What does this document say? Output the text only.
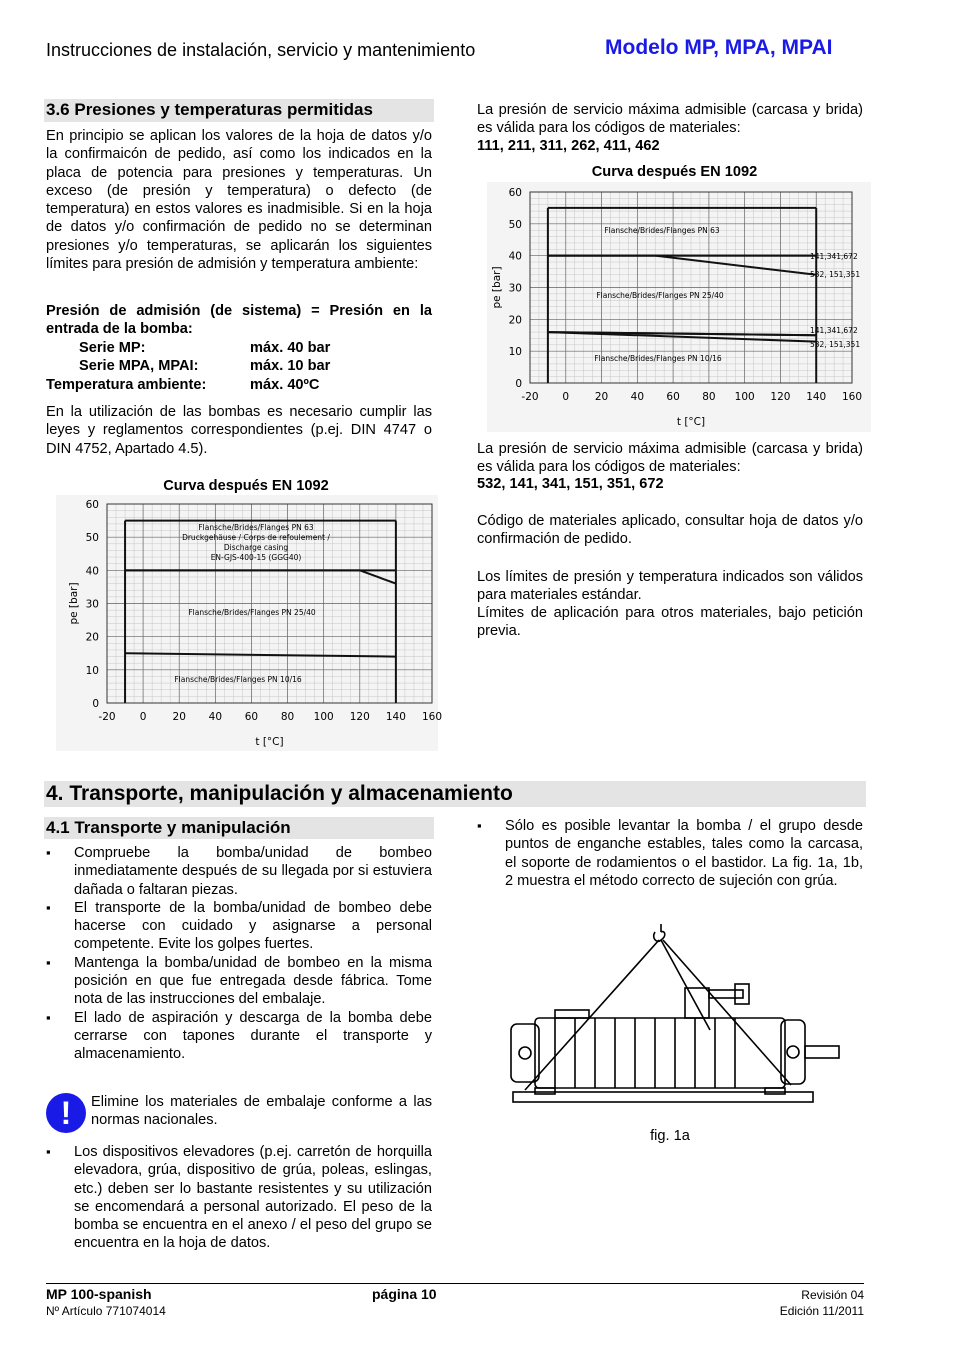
Instrucciones de instalación, servicio y mantenimiento	Modelo MP, MPA, MPAI
3.6 Presiones y temperaturas permitidas
En principio se aplican los valores de la hoja de datos y/o la confirmaicón de pedido, así como los indicados en la placa de potencia para presiones y temperaturas. Un exceso (de presión y temperatura) o defecto (de temperatura) en estos valores es inadmisible. Si en la hoja de datos y/o confirmación de pedido no se determinan presiones y/o temperaturas, se aplicarán los siguientes límites para presión de admisión y temperatura ambiente:
Presión de admisión (de sistema) = Presión en la entrada de la bomba:
Serie MP:	máx. 40 bar
Serie MPA, MPAI:	máx. 10 bar
Temperatura ambiente:	máx. 40ºC
En la utilización de las bombas es necesario cumplir las leyes y reglamentos correspondientes (p.ej. DIN 4747 o DIN 4752, Apartado 4.5).
Curva después EN 1092
-20 0 20 40 60 80 100 120 140 160
0
10
20
30
40
50
60
t [°C]
pe [bar]
Flansche/Brides/Flanges PN 63
Druckgehäuse / Corps de refoulement /
Discharge casing
EN-GJS-400-15 (GGG40)
Flansche/Brides/Flanges PN 25/40
Flansche/Brides/Flanges PN 10/16
La presión de servicio máxima admisible (carcasa y brida) es válida para los códigos de materiales:
111, 211, 311, 262, 411, 462
Curva después EN 1092
-20 0 20 40 60 80 100 120 140 160
0
10
20
30
40
50
60
t [°C]
pe [bar]
Flansche/Brides/Flanges PN 63
141,341,672
532, 151,351
Flansche/Brides/Flanges PN 25/40
141,341,672
532, 151,351
Flansche/Brides/Flanges PN 10/16
La presión de servicio máxima admisible (carcasa y brida) es válida para los códigos de materiales:
532, 141, 341, 151, 351, 672
Código de materiales aplicado, consultar hoja de datos y/o confirmación de pedido.
Los límites de presión y temperatura indicados son válidos para materiales estándar.
Límites de aplicación para otros materiales, bajo petición previa.
4. Transporte, manipulación y almacenamiento
4.1 Transporte y manipulación
▪ Compruebe la bomba/unidad de bombeo inmediatamente después de su llegada por si estuviera dañada o faltaran piezas.
▪ El transporte de la bomba/unidad de bombeo debe hacerse con cuidado y asignarse a personal competente. Evite los golpes fuertes.
▪ Mantenga la bomba/unidad de bombeo en la misma posición en que fue entregada desde fábrica. Tome nota de las instrucciones del embalaje.
▪ El lado de aspiración y descarga de la bomba debe cerrarse con tapones durante el transporte y almacenamiento.
!	Elimine los materiales de embalaje conforme a las normas nacionales.
▪ Los dispositivos elevadores (p.ej. carretón de horquilla elevadora, grúa, dispositivo de grúa, poleas, eslingas, etc.) deben ser lo bastante resistentes y su utilización se encomendará a personal autorizado. El peso de la bomba se encuentra en el anexo / el peso del grupo se encuentra en la hoja de datos.
▪ Sólo es posible levantar la bomba / el grupo desde puntos de enganche estables, tales como la carcasa, el soporte de rodamientos o el bastidor. La fig. 1a, 1b, 2 muestra el método correcto de sujeción con grúa.
fig. 1a
MP 100-spanish
Nº Artículo 771074014
página 10	Revisión 04
Edición 11/2011
